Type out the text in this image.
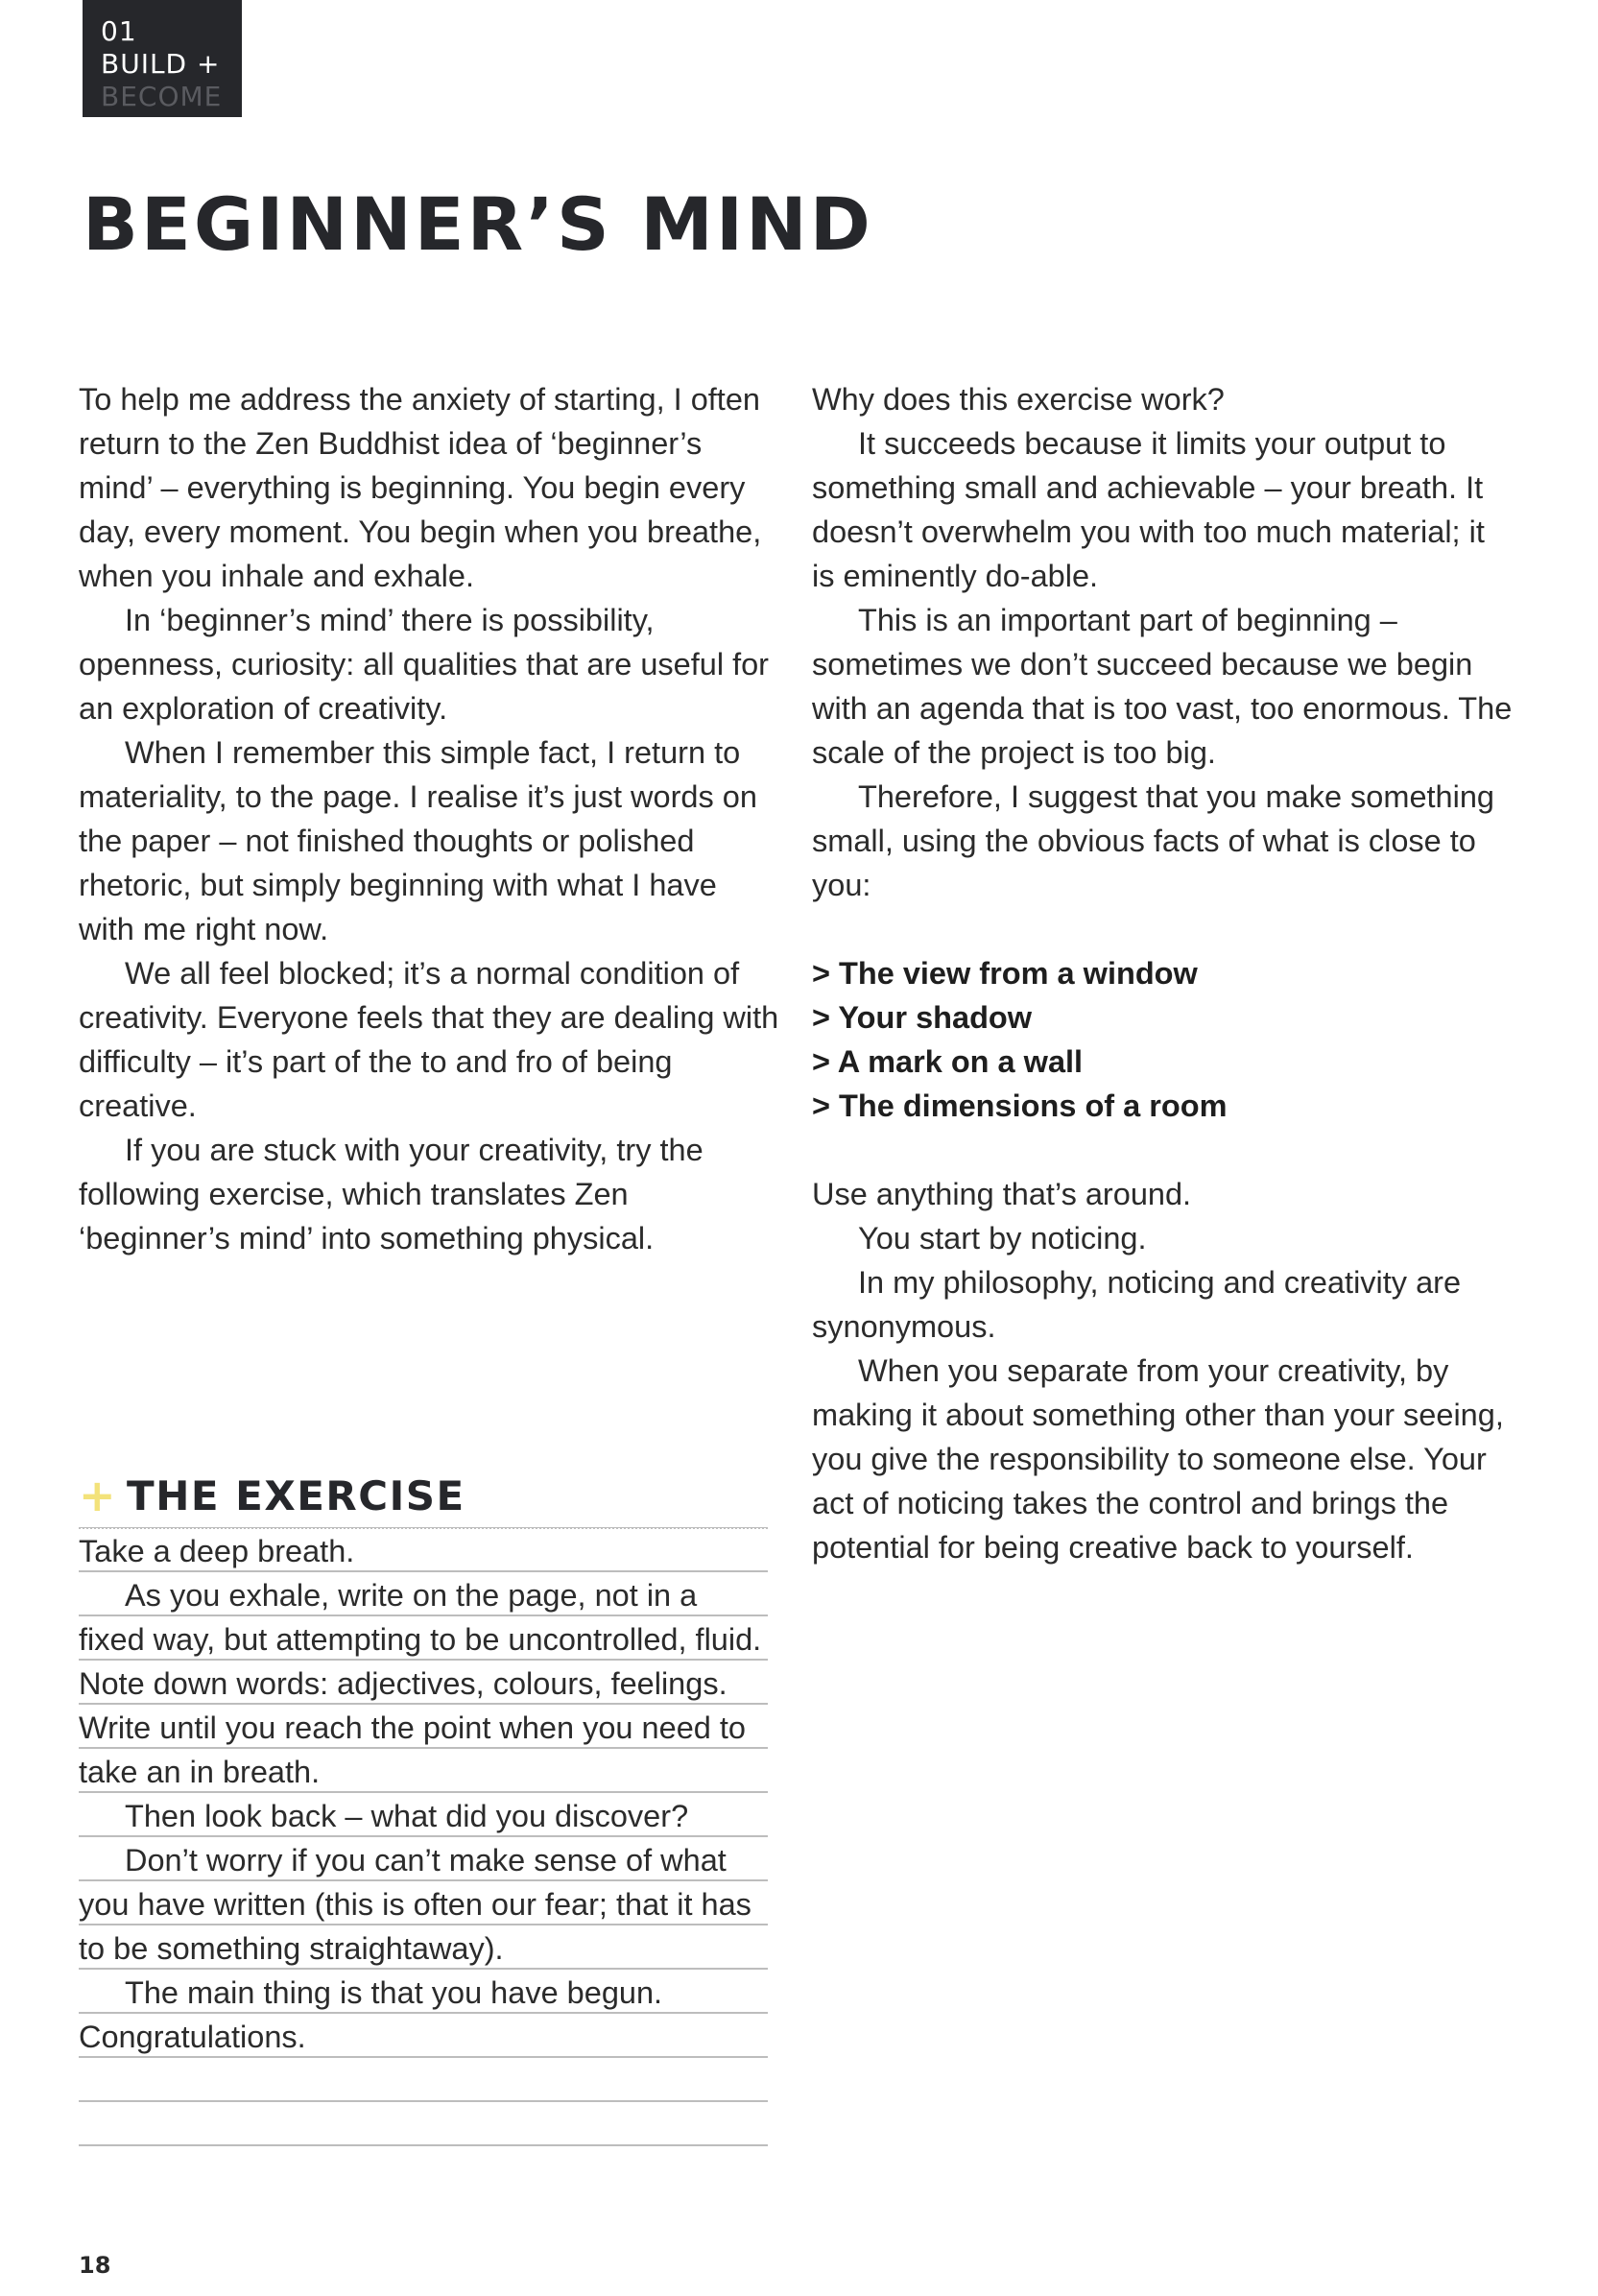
01
BUILD +
BECOME
BEGINNER’S MIND

To help me address the anxiety of starting, I often return to the Zen Buddhist idea of ‘beginner’s mind’ – everything is beginning. You begin every day, every moment. You begin when you breathe, when you inhale and exhale.

In ‘beginner’s mind’ there is possibility, openness, curiosity: all qualities that are useful for an exploration of creativity.

When I remember this simple fact, I return to materiality, to the page. I realise it’s just words on the paper – not finished thoughts or polished rhetoric, but simply beginning with what I have with me right now.

We all feel blocked; it’s a normal condition of creativity. Everyone feels that they are dealing with difficulty – it’s part of the to and fro of being creative.

If you are stuck with your creativity, try the following exercise, which translates Zen ‘beginner’s mind’ into something physical.

+ THE EXERCISE

Take a deep breath.

As you exhale, write on the page, not in a fixed way, but attempting to be uncontrolled, fluid. Note down words: adjectives, colours, feelings. Write until you reach the point when you need to take an in breath.

Then look back – what did you discover?

Don’t worry if you can’t make sense of what you have written (this is often our fear; that it has to be something straightaway).

The main thing is that you have begun.

Congratulations.

Why does this exercise work?

It succeeds because it limits your output to something small and achievable – your breath. It doesn’t overwhelm you with too much material; it is eminently do-able.

This is an important part of beginning – sometimes we don’t succeed because we begin with an agenda that is too vast, too enormous. The scale of the project is too big.

Therefore, I suggest that you make something small, using the obvious facts of what is close to you:

> The view from a window
> Your shadow
> A mark on a wall
> The dimensions of a room

Use anything that’s around.

You start by noticing.

In my philosophy, noticing and creativity are synonymous.

When you separate from your creativity, by making it about something other than your seeing, you give the responsibility to someone else. Your act of noticing takes the control and brings the potential for being creative back to yourself.

18
